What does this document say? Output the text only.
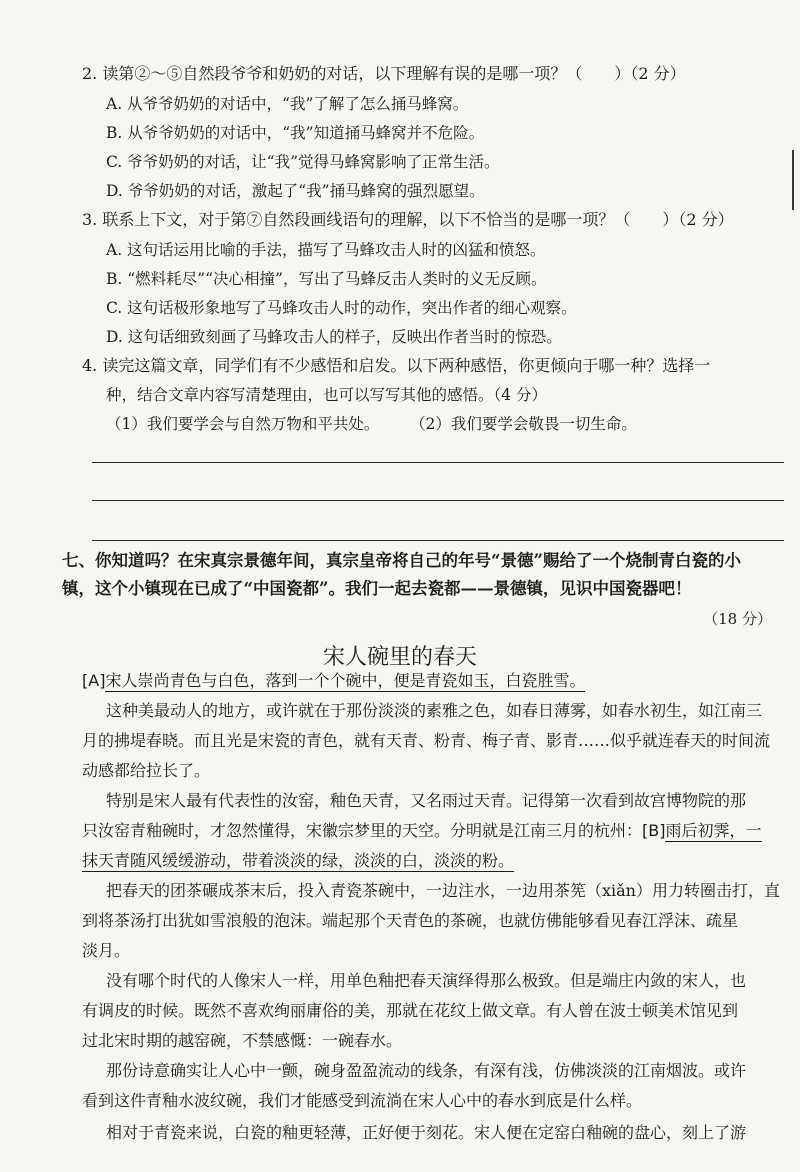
2. 读第②～⑤自然段爷爷和奶奶的对话，以下理解有误的是哪一项？（　　）（2 分）
A. 从爷爷奶奶的对话中，“我”了解了怎么捅马蜂窝。
B. 从爷爷奶奶的对话中，“我”知道捅马蜂窝并不危险。
C. 爷爷奶奶的对话，让“我”觉得马蜂窝影响了正常生活。
D. 爷爷奶奶的对话，激起了“我”捅马蜂窝的强烈愿望。
3. 联系上下文，对于第⑦自然段画线语句的理解，以下不恰当的是哪一项？（　　）（2 分）
A. 这句话运用比喻的手法，描写了马蜂攻击人时的凶猛和愤怒。
B. “燃料耗尽”“决心相撞”，写出了马蜂反击人类时的义无反顾。
C. 这句话极形象地写了马蜂攻击人时的动作，突出作者的细心观察。
D. 这句话细致刻画了马蜂攻击人的样子，反映出作者当时的惊恐。
4. 读完这篇文章，同学们有不少感悟和启发。以下两种感悟，你更倾向于哪一种？选择一
种，结合文章内容写清楚理由，也可以写写其他的感悟。（4 分）
（1）我们要学会与自然万物和平共处。 （2）我们要学会敬畏一切生命。
七、你知道吗？在宋真宗景德年间，真宗皇帝将自己的年号“景德”赐给了一个烧制青白瓷的小
镇，这个小镇现在已成了“中国瓷都”。我们一起去瓷都——景德镇，见识中国瓷器吧！
（18 分）
宋人碗里的春天
[A]宋人崇尚青色与白色，落到一个个碗中，便是青瓷如玉，白瓷胜雪。
这种美最动人的地方，或许就在于那份淡淡的素雅之色，如春日薄雾，如春水初生，如江南三
月的拂堤春晓。而且光是宋瓷的青色，就有天青、粉青、梅子青、影青……似乎就连春天的时间流
动感都给拉长了。
特别是宋人最有代表性的汝窑，釉色天青，又名雨过天青。记得第一次看到故宫博物院的那
只汝窑青釉碗时，才忽然懂得，宋徽宗梦里的天空。分明就是江南三月的杭州：[B]雨后初霁，一
抹天青随风缓缓游动，带着淡淡的绿，淡淡的白，淡淡的粉。
把春天的团茶碾成茶末后，投入青瓷茶碗中，一边注水，一边用茶筅（xiǎn）用力转圈击打，直
到将茶汤打出犹如雪浪般的泡沫。端起那个天青色的茶碗，也就仿佛能够看见春江浮沫、疏星
淡月。
没有哪个时代的人像宋人一样，用单色釉把春天演绎得那么极致。但是端庄内敛的宋人，也
有调皮的时候。既然不喜欢绚丽庸俗的美，那就在花纹上做文章。有人曾在波士顿美术馆见到
过北宋时期的越窑碗，不禁感慨：一碗春水。
那份诗意确实让人心中一颤，碗身盈盈流动的线条，有深有浅，仿佛淡淡的江南烟波。或许
看到这件青釉水波纹碗，我们才能感受到流淌在宋人心中的春水到底是什么样。
相对于青瓷来说，白瓷的釉更轻薄，正好便于刻花。宋人便在定窑白釉碗的盘心，刻上了游
